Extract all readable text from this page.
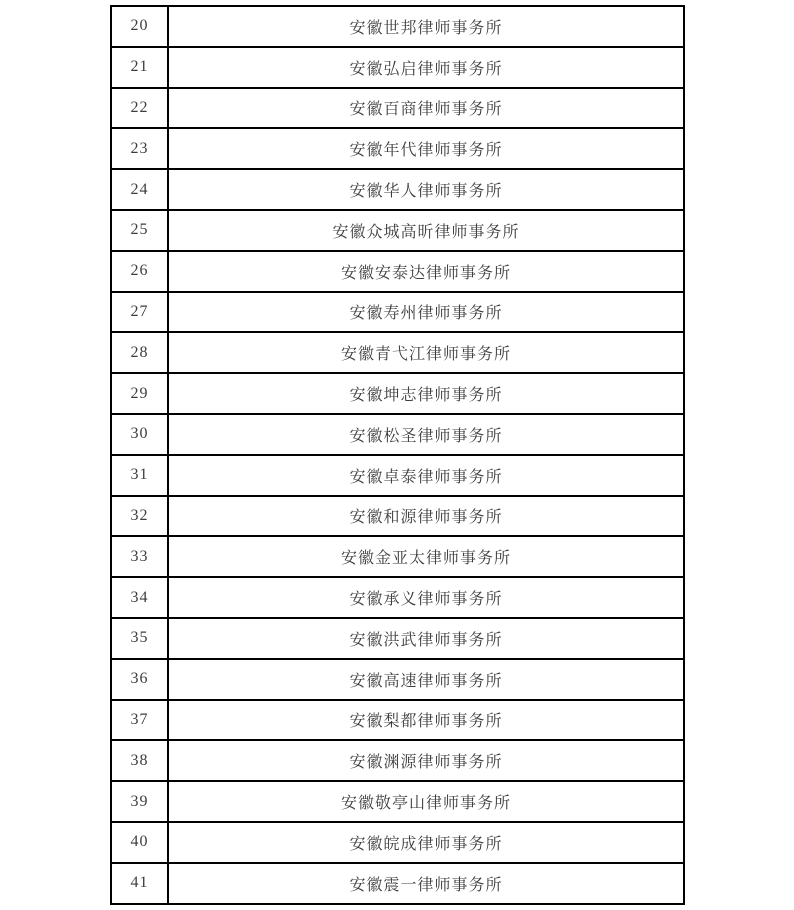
20	安徽世邦律师事务所
21	安徽弘启律师事务所
22	安徽百商律师事务所
23	安徽年代律师事务所
24	安徽华人律师事务所
25	安徽众城高昕律师事务所
26	安徽安泰达律师事务所
27	安徽寿州律师事务所
28	安徽青弋江律师事务所
29	安徽坤志律师事务所
30	安徽松圣律师事务所
31	安徽卓泰律师事务所
32	安徽和源律师事务所
33	安徽金亚太律师事务所
34	安徽承义律师事务所
35	安徽洪武律师事务所
36	安徽高速律师事务所
37	安徽梨都律师事务所
38	安徽渊源律师事务所
39	安徽敬亭山律师事务所
40	安徽皖成律师事务所
41	安徽震一律师事务所
